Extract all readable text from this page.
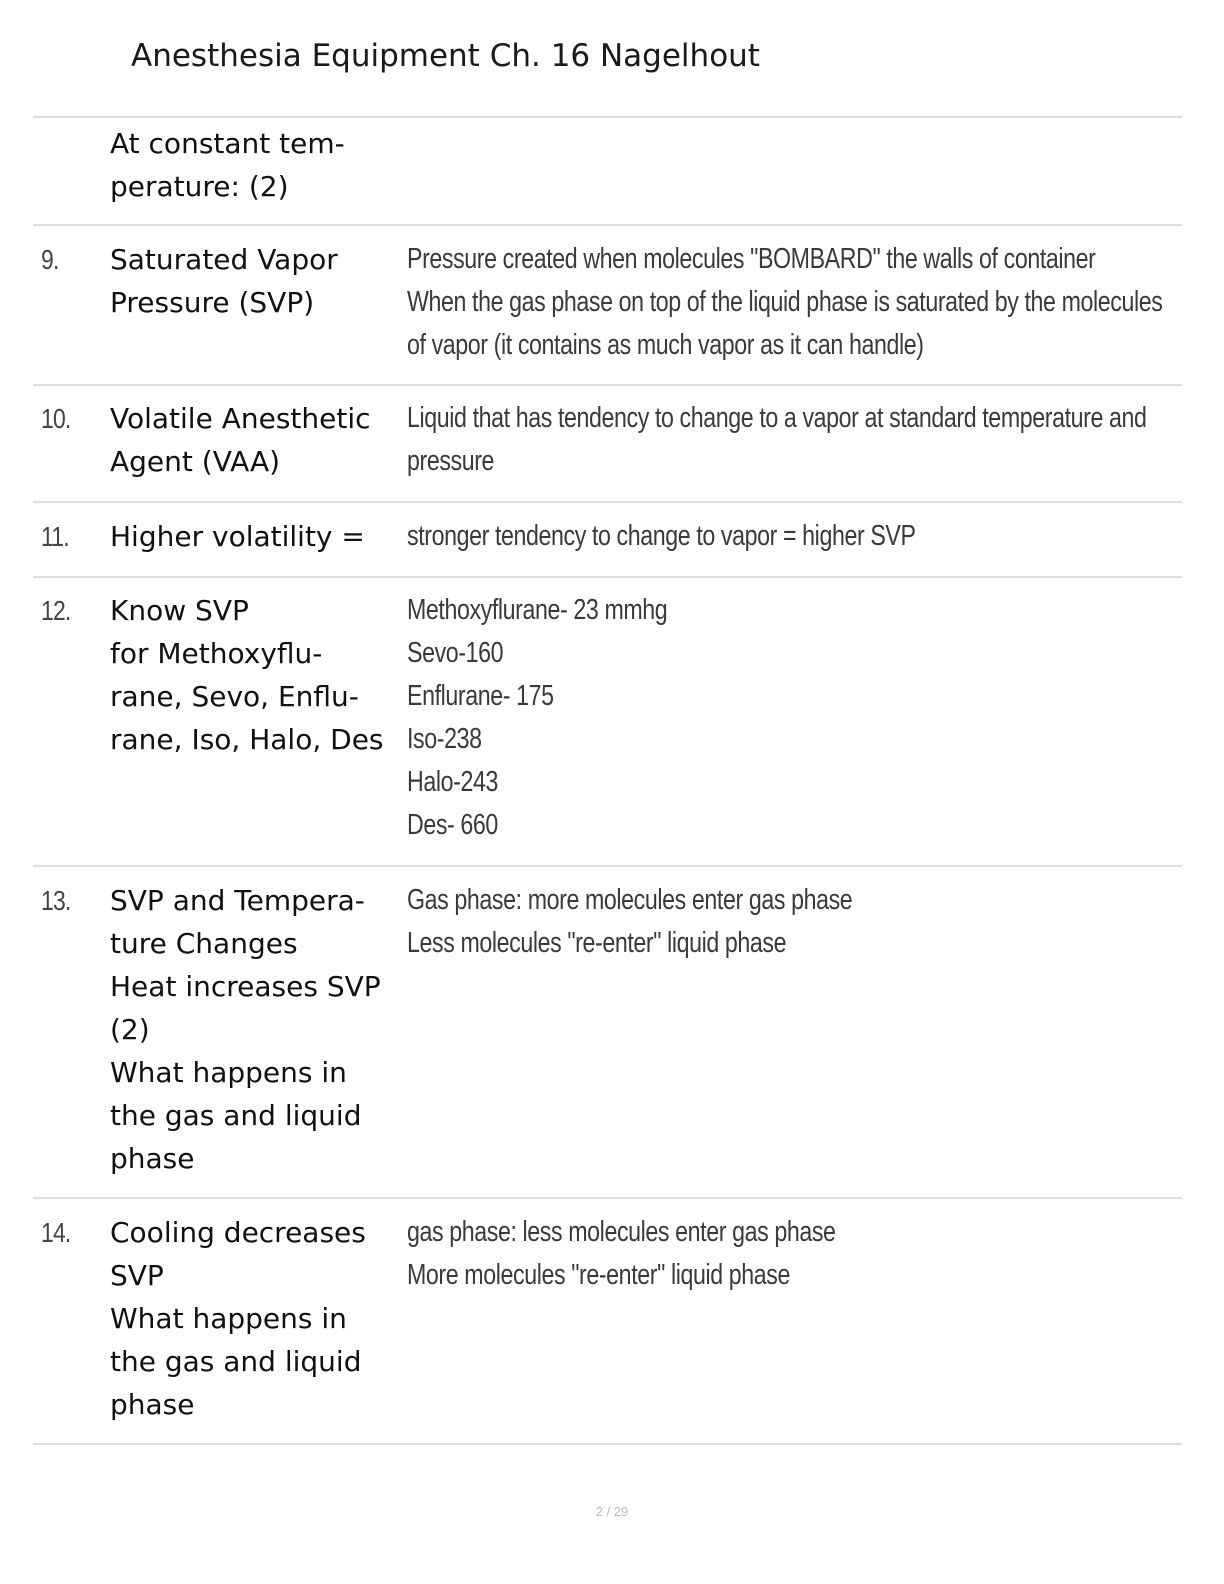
Anesthesia Equipment Ch. 16 Nagelhout
At constant tem-
perature: (2)
9. Saturated Vapor
Pressure (SVP)
Pressure created when molecules "BOMBARD" the walls of container
When the gas phase on top of the liquid phase is saturated by the molecules
of vapor (it contains as much vapor as it can handle)
10. Volatile Anesthetic
Agent (VAA)
Liquid that has tendency to change to a vapor at standard temperature and
pressure
11. Higher volatility =	stronger tendency to change to vapor = higher SVP
12. Know SVP
for Methoxyflu-
rane, Sevo, Enflu-
rane, Iso, Halo, Des
Methoxyflurane- 23 mmhg
Sevo-160
Enflurane- 175
Iso-238
Halo-243
Des- 660
13. SVP and Tempera-
ture Changes
Heat increases SVP
(2)
What happens in
the gas and liquid
phase
Gas phase: more molecules enter gas phase
Less molecules "re-enter" liquid phase
14. Cooling decreases
SVP
What happens in
the gas and liquid
phase
gas phase: less molecules enter gas phase
More molecules "re-enter" liquid phase
2 / 29
